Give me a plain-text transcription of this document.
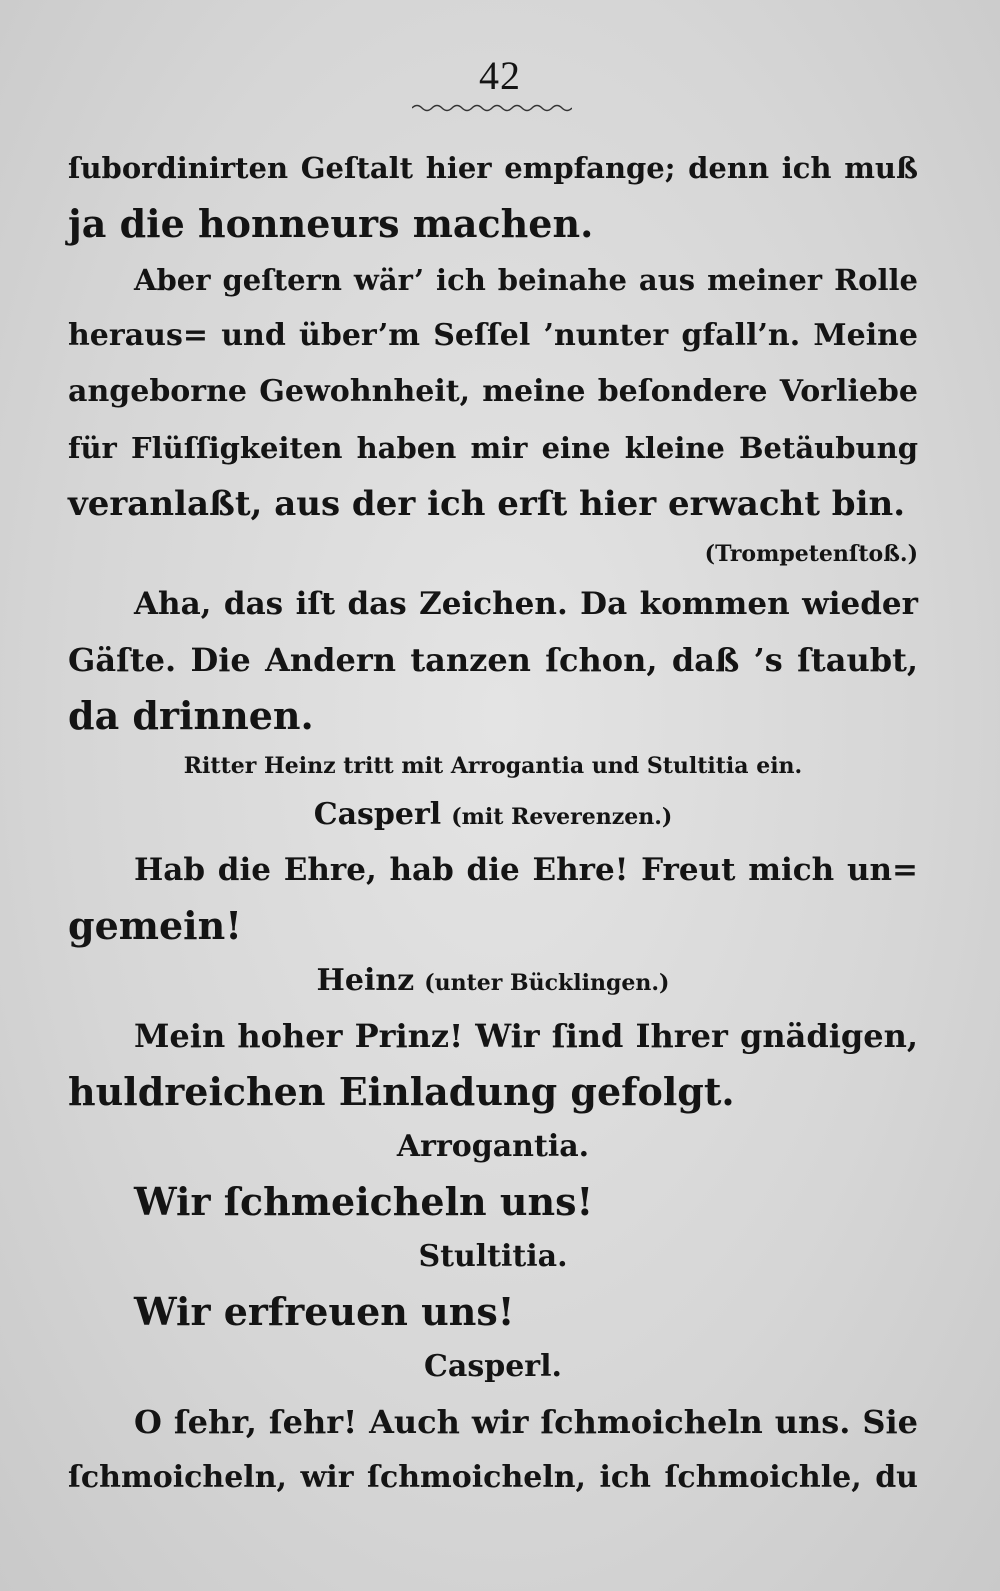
42
ſubordinirten Geſtalt hier empfange; denn ich muß
ja die honneurs machen.
Aber geſtern wär’ ich beinahe aus meiner Rolle
heraus= und über’m Seſſel ’nunter gfall’n. Meine
angeborne Gewohnheit, meine beſondere Vorliebe
für Flüſſigkeiten haben mir eine kleine Betäubung
veranlaßt, aus der ich erſt hier erwacht bin.
(Trompetenſtoß.)
Aha, das iſt das Zeichen. Da kommen wieder
Gäſte. Die Andern tanzen ſchon, daß ’s ſtaubt,
da drinnen.
Ritter Heinz tritt mit Arrogantia und Stultitia ein.
Casperl (mit Reverenzen.)
Hab die Ehre, hab die Ehre! Freut mich un=
gemein!
Heinz (unter Bücklingen.)
Mein hoher Prinz! Wir ſind Ihrer gnädigen,
huldreichen Einladung gefolgt.
Arrogantia.
Wir ſchmeicheln uns!
Stultitia.
Wir erfreuen uns!
Casperl.
O ſehr, ſehr! Auch wir ſchmoicheln uns. Sie
ſchmoicheln, wir ſchmoicheln, ich ſchmoichle, du
